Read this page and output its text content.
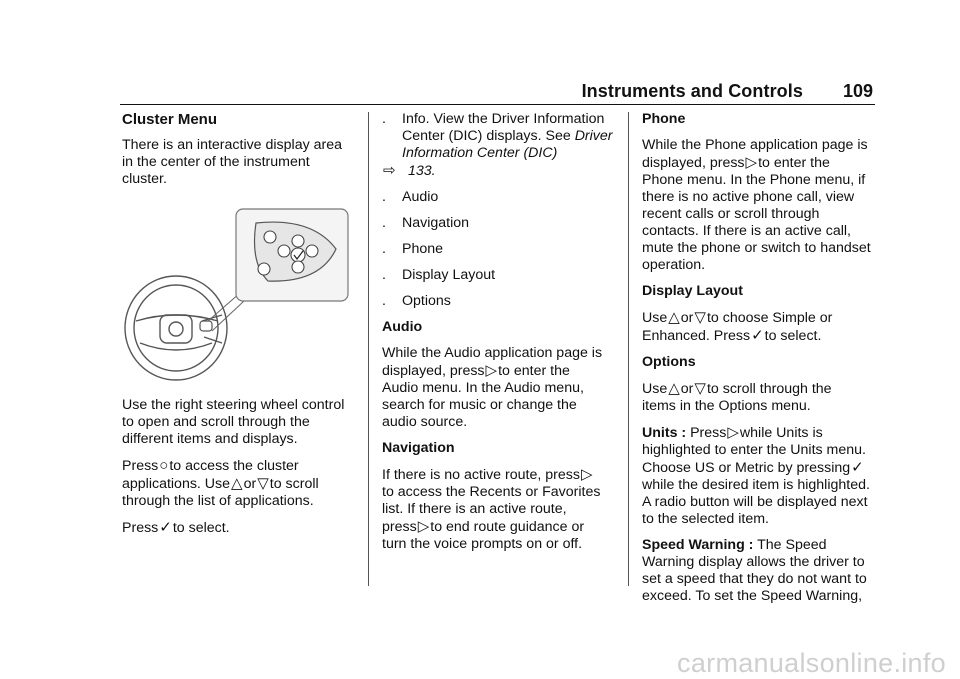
Instruments and Controls 109

Cluster Menu

There is an interactive display area in the center of the instrument cluster.

Use the right steering wheel control to open and scroll through the different items and displays.

Press○to access the cluster
applications. Use△or▽to scroll
through the list of applications.

Press✓to select.

. Info. View the Driver Information Center (DIC) displays. See Driver Information Center (DIC)
⇨ 133.

. Audio

. Navigation

. Phone

. Display Layout

. Options

Audio

While the Audio application page is
displayed, press▷to enter the
Audio menu. In the Audio menu, search for music or change the audio source.

Navigation

If there is no active route, press▷
to access the Recents or Favorites list. If there is an active route,
press▷to end route guidance or
turn the voice prompts on or off.

Phone

While the Phone application page is
displayed, press▷to enter the
Phone menu. In the Phone menu, if there is no active phone call, view recent calls or scroll through contacts. If there is an active call, mute the phone or switch to handset operation.

Display Layout

Use△or▽to choose Simple or
Enhanced. Press✓to select.

Options

Use△or▽to scroll through the
items in the Options menu.

Units : Press▷while Units is
highlighted to enter the Units menu.
Choose US or Metric by pressing✓
while the desired item is highlighted. A radio button will be displayed next to the selected item.

Speed Warning : The Speed Warning display allows the driver to set a speed that they do not want to exceed. To set the Speed Warning,

carmanualsonline.info
